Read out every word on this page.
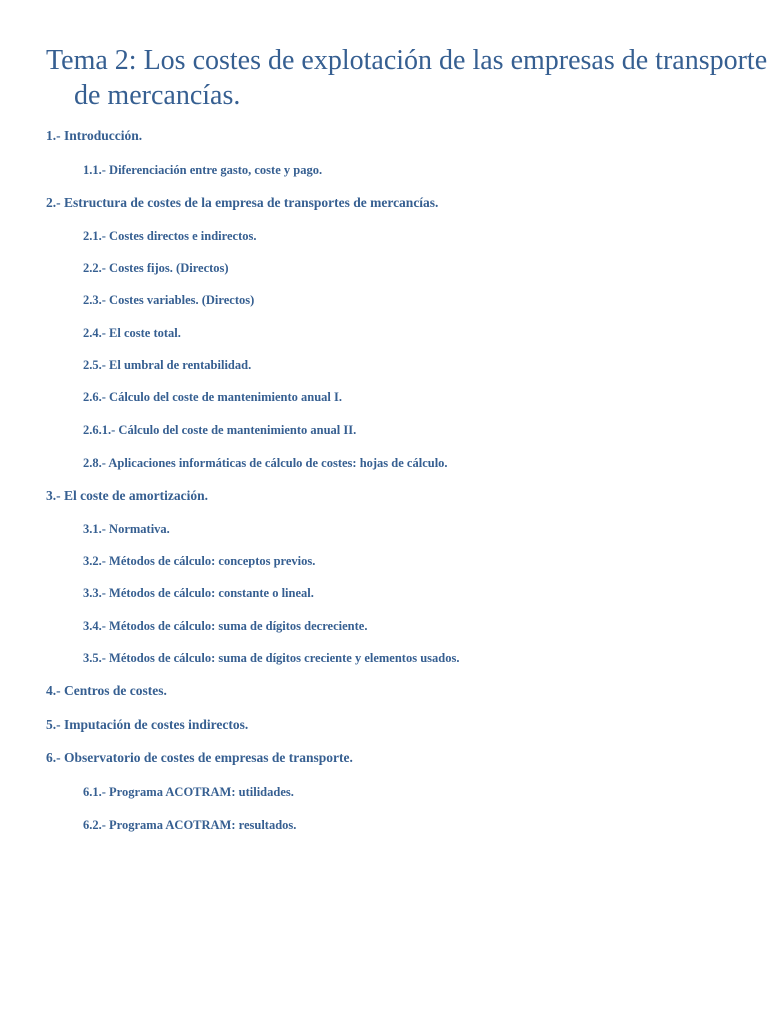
Tema 2: Los costes de explotación de las empresas de transporte de mercancías.
1.- Introducción.
1.1.- Diferenciación entre gasto, coste y pago.
2.- Estructura de costes de la empresa de transportes de mercancías.
2.1.- Costes directos e indirectos.
2.2.- Costes fijos. (Directos)
2.3.- Costes variables. (Directos)
2.4.- El coste total.
2.5.- El umbral de rentabilidad.
2.6.- Cálculo del coste de mantenimiento anual I.
2.6.1.- Cálculo del coste de mantenimiento anual II.
2.8.- Aplicaciones informáticas de cálculo de costes: hojas de cálculo.
3.- El coste de amortización.
3.1.- Normativa.
3.2.- Métodos de cálculo: conceptos previos.
3.3.- Métodos de cálculo: constante o lineal.
3.4.- Métodos de cálculo: suma de dígitos decreciente.
3.5.- Métodos de cálculo: suma de dígitos creciente y elementos usados.
4.- Centros de costes.
5.- Imputación de costes indirectos.
6.- Observatorio de costes de empresas de transporte.
6.1.- Programa ACOTRAM: utilidades.
6.2.- Programa ACOTRAM: resultados.
